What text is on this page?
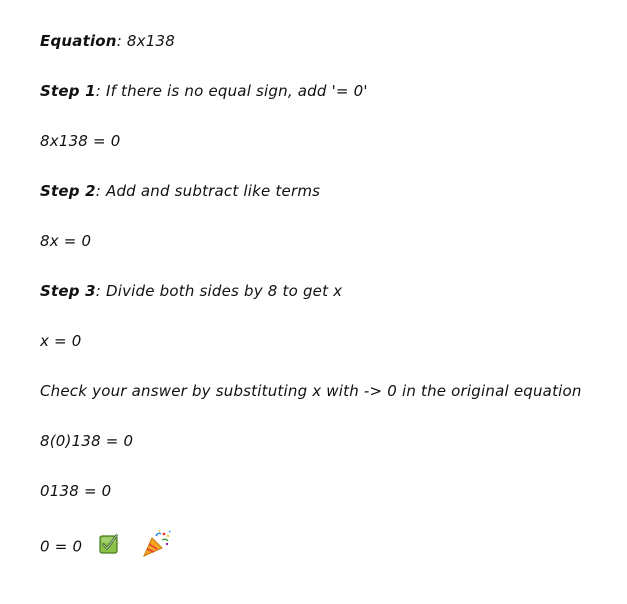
Equation: 8x138
Step 1: If there is no equal sign, add '= 0'
8x138 = 0
Step 2: Add and subtract like terms
8x = 0
Step 3: Divide both sides by 8 to get x
x = 0
Check your answer by substituting x with -> 0 in the original equation
8(0)138 = 0
0138 = 0
0 = 0
